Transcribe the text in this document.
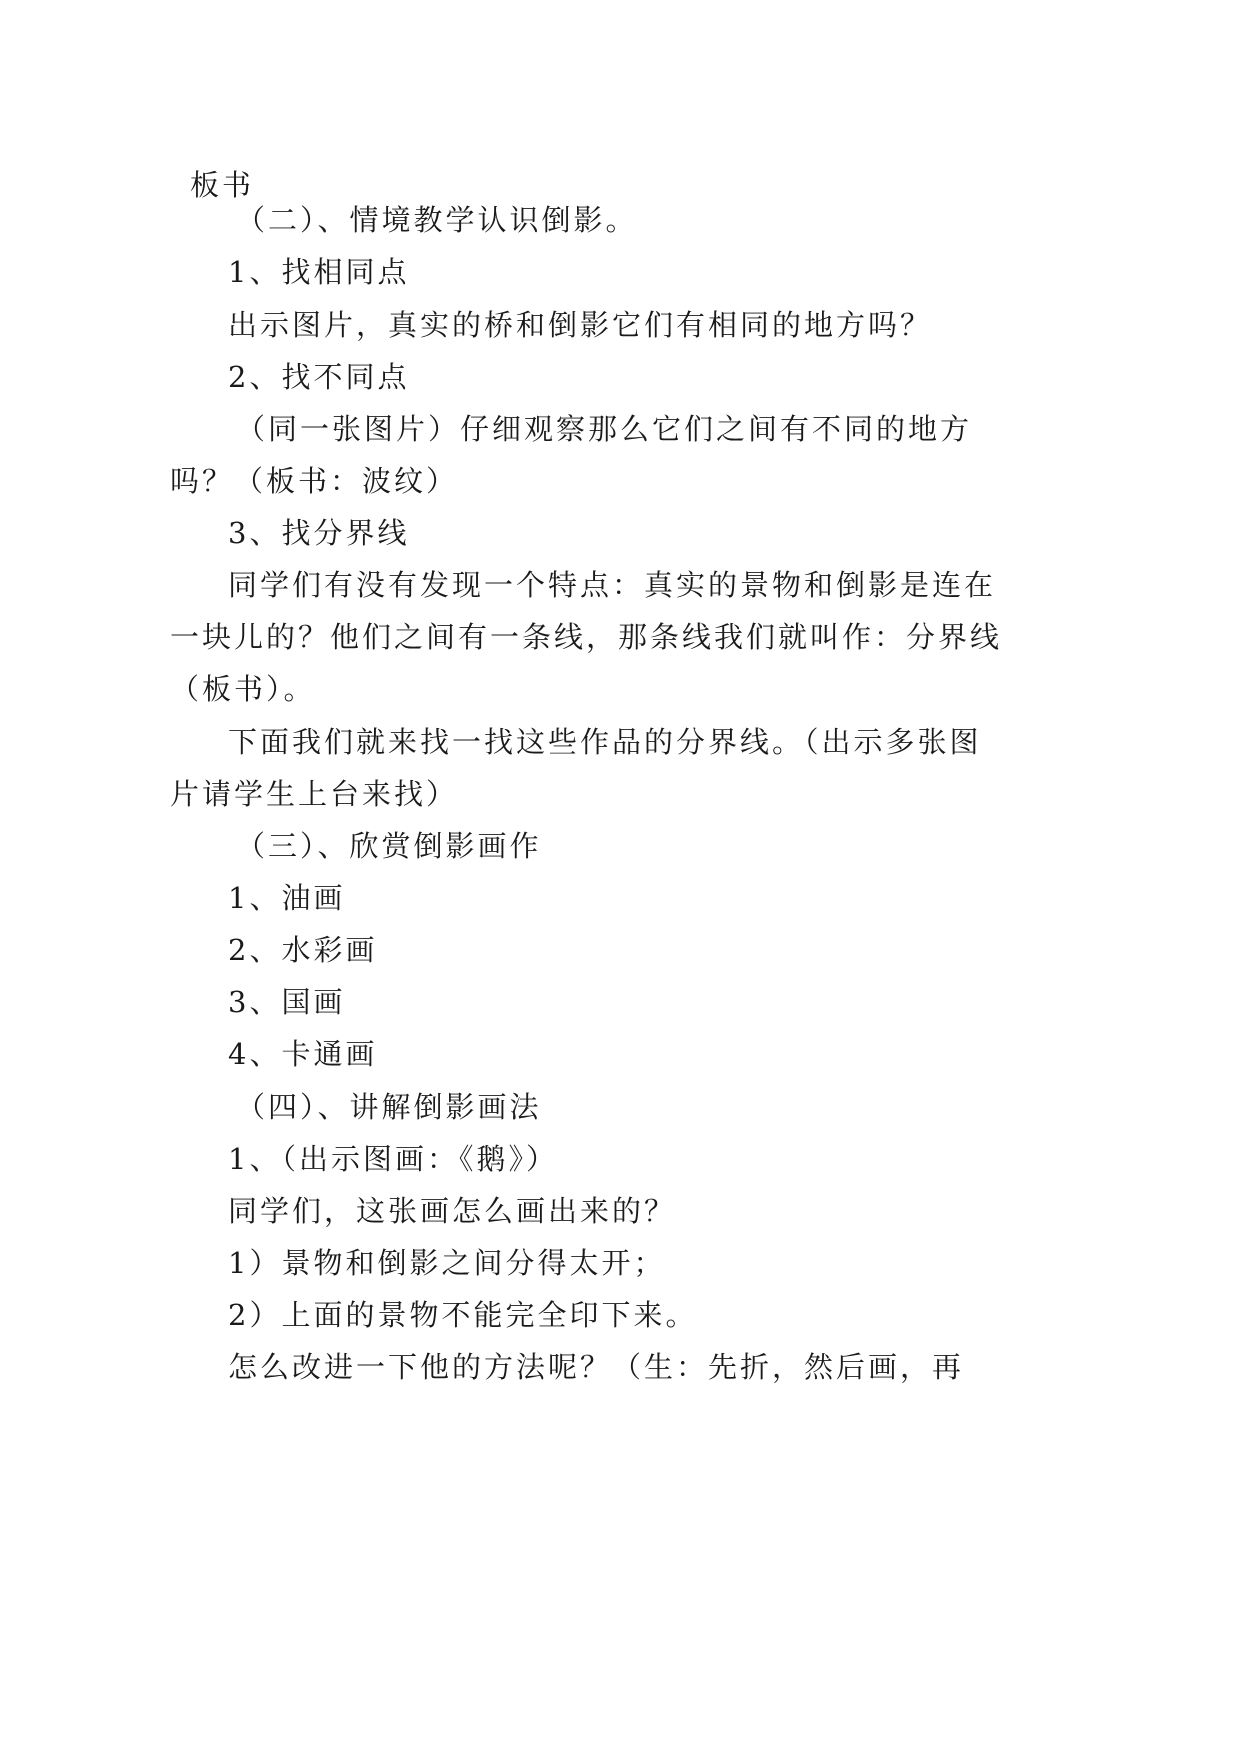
板书
（二）、情境教学认识倒影。
1、找相同点
出示图片，真实的桥和倒影它们有相同的地方吗？
2、找不同点
（同一张图片）仔细观察那么它们之间有不同的地方
吗？（板书：波纹）
3、找分界线
同学们有没有发现一个特点：真实的景物和倒影是连在
一块儿的？他们之间有一条线，那条线我们就叫作：分界线
（板书）。
下面我们就来找一找这些作品的分界线。（出示多张图
片请学生上台来找）
（三）、欣赏倒影画作
1、油画
2、水彩画
3、国画
4、卡通画
（四）、讲解倒影画法
1、（出示图画：《鹅》）
同学们，这张画怎么画出来的？
1）景物和倒影之间分得太开；
2）上面的景物不能完全印下来。
怎么改进一下他的方法呢？（生：先折，然后画，再
